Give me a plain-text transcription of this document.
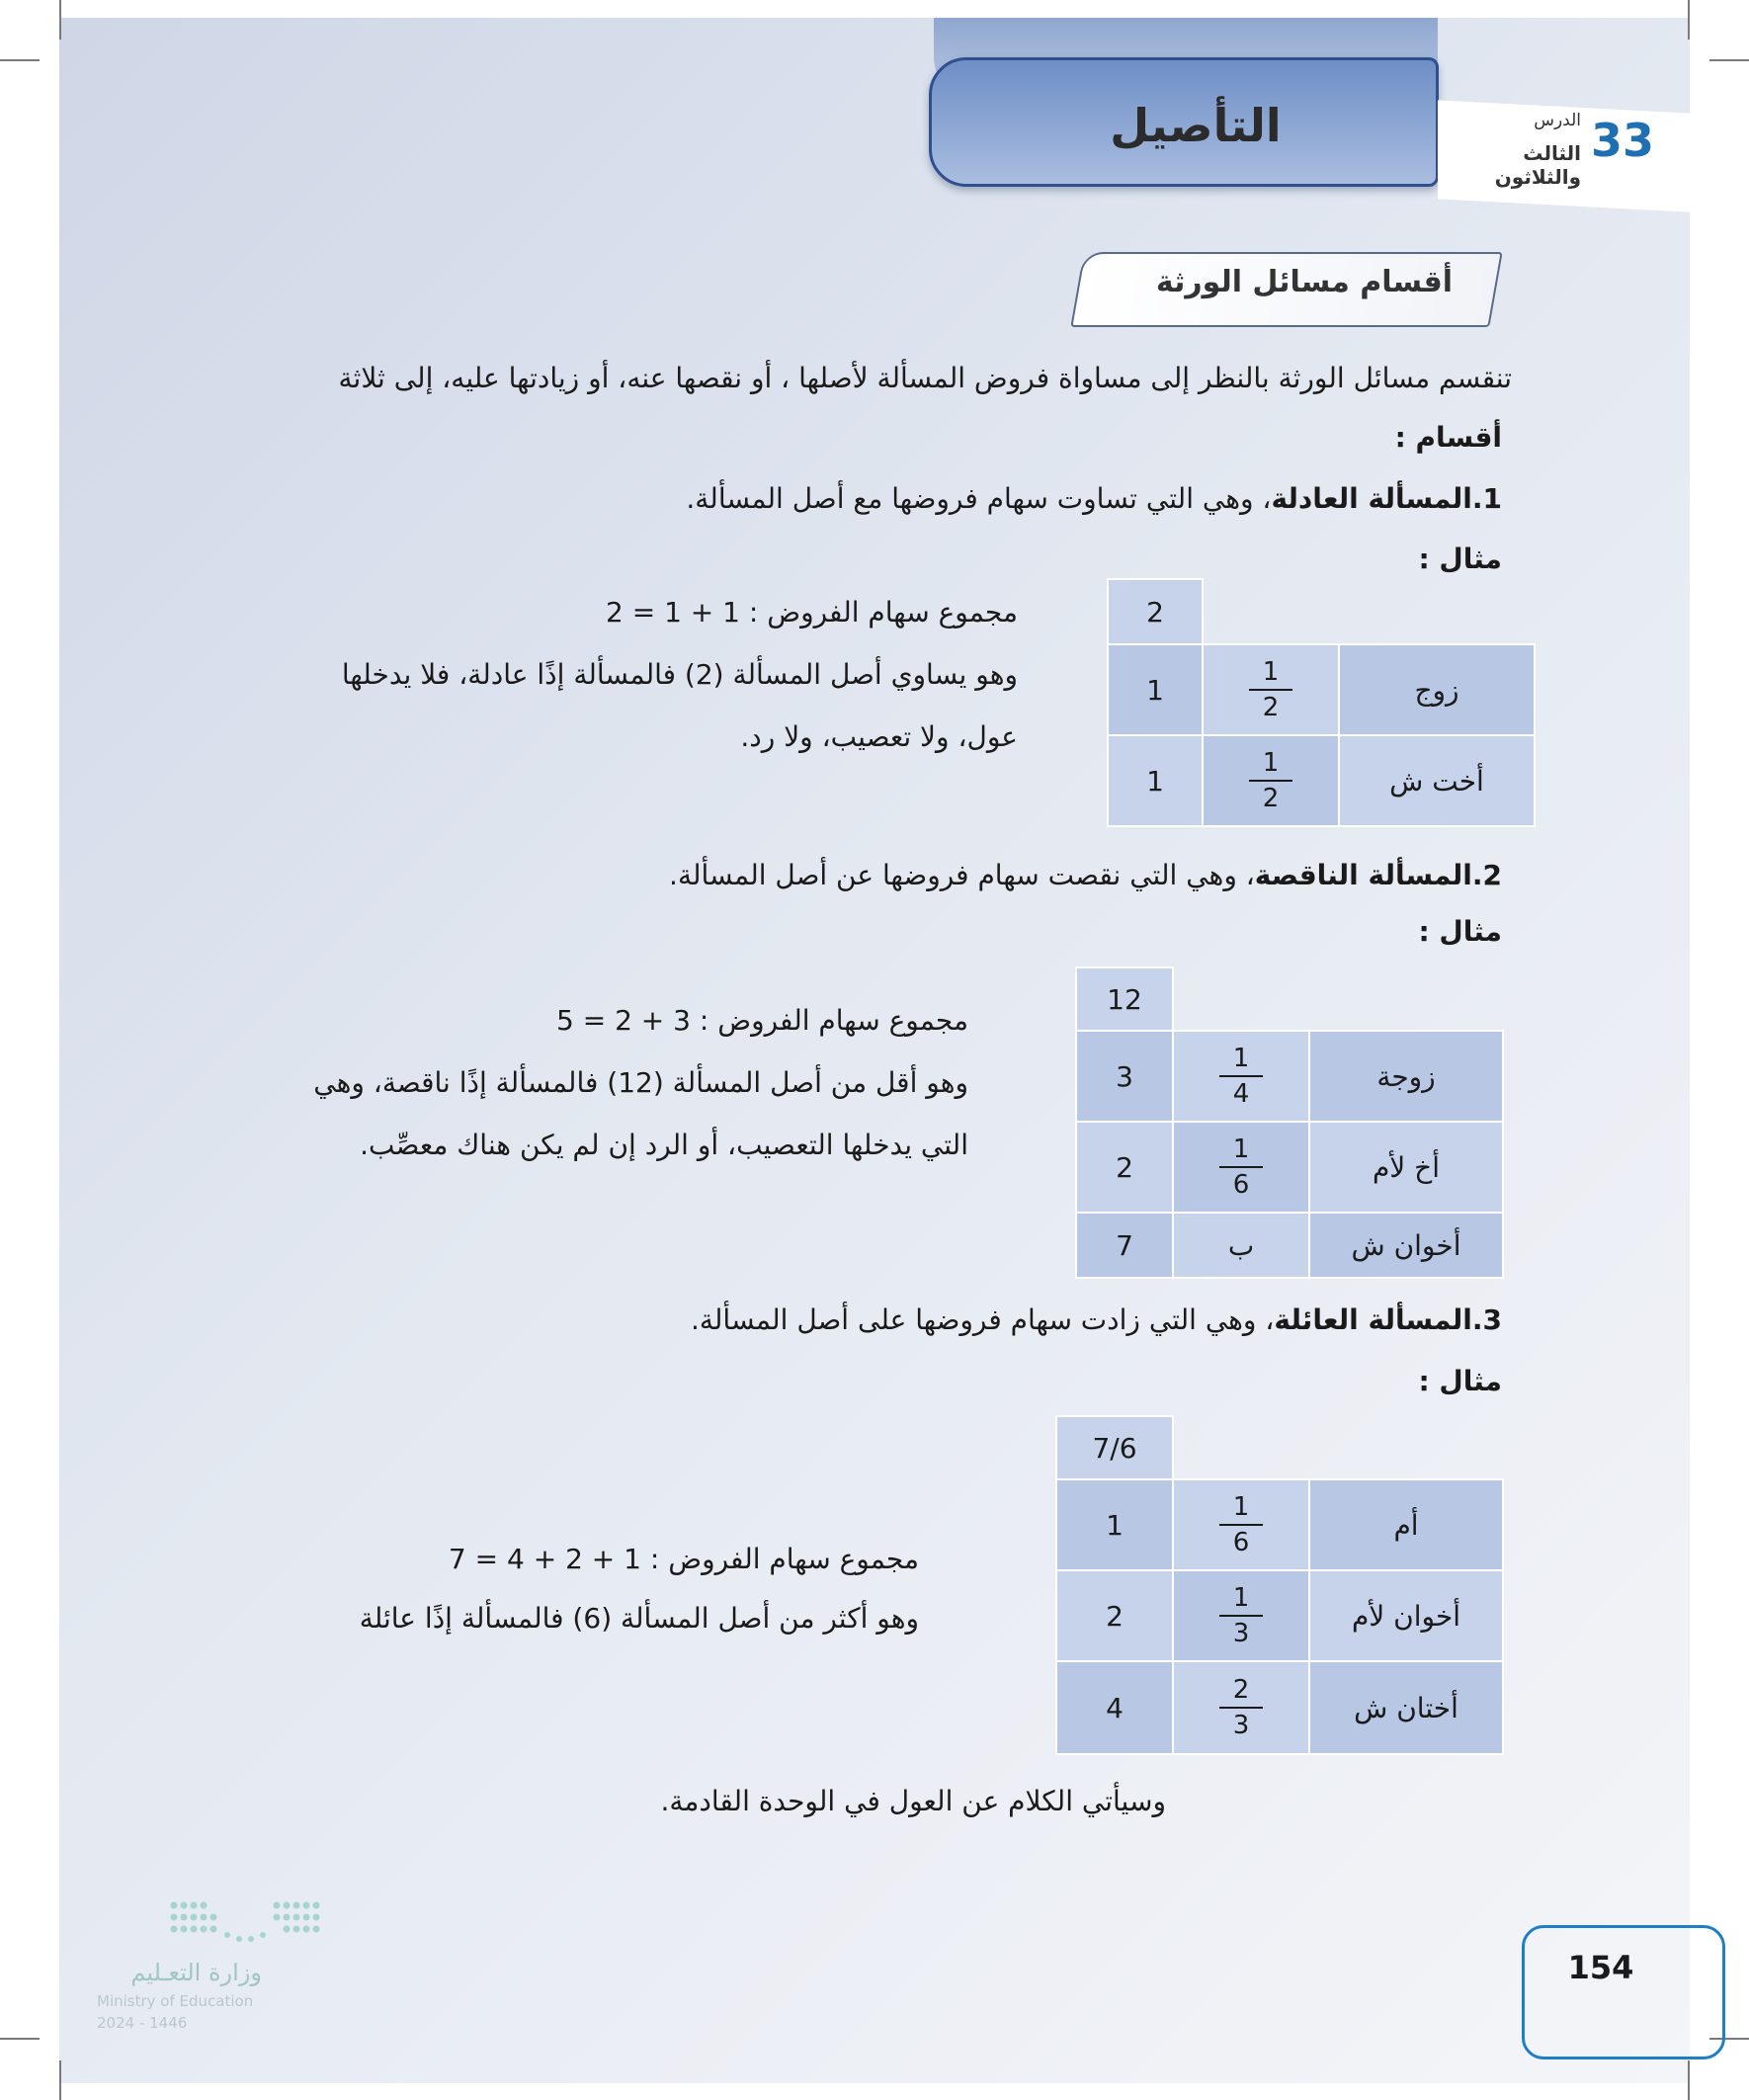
التأصيل	33
الدرس
الثالث والثلاثون
أقسام مسائل الورثة
تنقسم مسائل الورثة بالنظر إلى مساواة فروض المسألة لأصلها ، أو نقصها عنه، أو زيادتها عليه، إلى ثلاثة
أقسام :
1.المسألة العادلة، وهي التي تساوت سهام فروضها مع أصل المسألة.
مثال :
مجموع سهام الفروض : 1 + 1 = 2
وهو يساوي أصل المسألة (2) فالمسألة إذًا عادلة، فلا يدخلها
عول، ولا تعصيب، ولا رد.
2
1	$\frac{1}{2}$	زوج
1	$\frac{1}{2}$	أخت ش
2.المسألة الناقصة، وهي التي نقصت سهام فروضها عن أصل المسألة.
مثال :
مجموع سهام الفروض : 3 + 2 = 5
وهو أقل من أصل المسألة (12) فالمسألة إذًا ناقصة، وهي
التي يدخلها التعصيب، أو الرد إن لم يكن هناك معصِّب.
12
3	$\frac{1}{4}$	زوجة
2	$\frac{1}{6}$	أخ لأم
7	ب	أخوان ش
3.المسألة العائلة، وهي التي زادت سهام فروضها على أصل المسألة.
مثال :
مجموع سهام الفروض : 1 + 2 + 4 = 7
وهو أكثر من أصل المسألة (6) فالمسألة إذًا عائلة
7/6
1	$\frac{1}{6}$	أم
2	$\frac{1}{3}$	أخوان لأم
4	$\frac{2}{3}$	أختان ش
وسيأتي الكلام عن العول في الوحدة القادمة.
وزارة التعـليم
Ministry of Education
2024 - 1446
154
